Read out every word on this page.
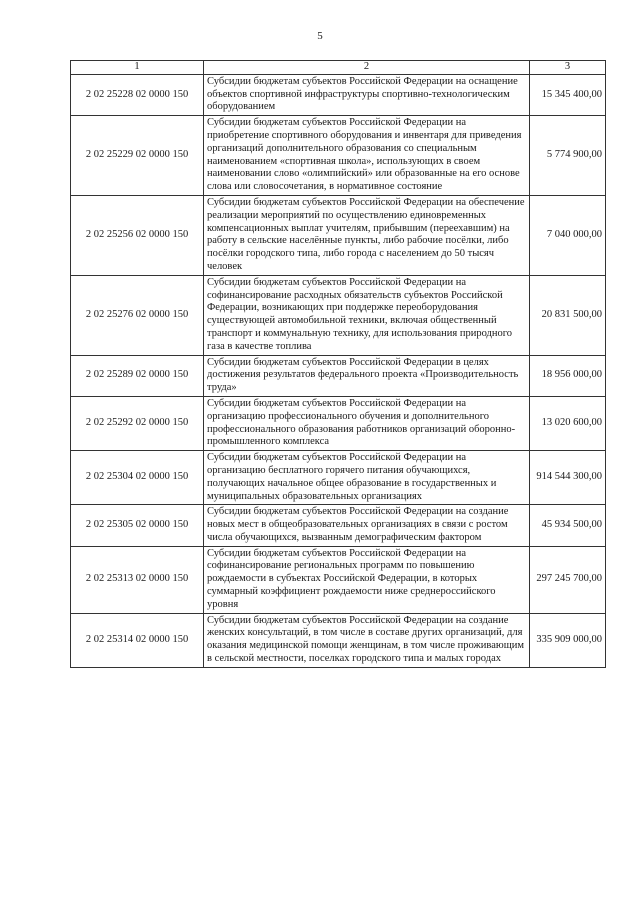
5
1	2	3
2 02 25228 02 0000 150	Субсидии бюджетам субъектов Российской Федерации на оснащение объектов спортивной инфраструктуры спортивно-технологическим оборудованием	15 345 400,00
2 02 25229 02 0000 150	Субсидии бюджетам субъектов Российской Федерации на приобретение спортивного оборудования и инвентаря для приведения организаций дополнительного образования со специальным наименованием «спортивная школа», использующих в своем наименовании слово «олимпийский» или образованные на его основе слова или словосочетания, в нормативное состояние	5 774 900,00
2 02 25256 02 0000 150	Субсидии бюджетам субъектов Российской Федерации на обеспечение реализации мероприятий по осуществлению единовременных компенсационных выплат учителям, прибывшим (переехавшим) на работу в сельские населённые пункты, либо рабочие посёлки, либо посёлки городского типа, либо города с населением до 50 тысяч человек	7 040 000,00
2 02 25276 02 0000 150	Субсидии бюджетам субъектов Российской Федерации на софинансирование расходных обязательств субъектов Российской Федерации, возникающих при поддержке переоборудования существующей автомобильной техники, включая общественный транспорт и коммунальную технику, для использования природного газа в качестве топлива	20 831 500,00
2 02 25289 02 0000 150	Субсидии бюджетам субъектов Российской Федерации в целях достижения результатов федерального проекта «Производительность труда»	18 956 000,00
2 02 25292 02 0000 150	Субсидии бюджетам субъектов Российской Федерации на организацию профессионального обучения и дополнительного профессионального образования работников организаций оборонно-промышленного комплекса	13 020 600,00
2 02 25304 02 0000 150	Субсидии бюджетам субъектов Российской Федерации на организацию бесплатного горячего питания обучающихся, получающих начальное общее образование в государственных и муниципальных образовательных организациях	914 544 300,00
2 02 25305 02 0000 150	Субсидии бюджетам субъектов Российской Федерации на создание новых мест в общеобразовательных организациях в связи с ростом числа обучающихся, вызванным демографическим фактором	45 934 500,00
2 02 25313 02 0000 150	Субсидии бюджетам субъектов Российской Федерации на софинансирование региональных программ по повышению рождаемости в субъектах Российской Федерации, в которых суммарный коэффициент рождаемости ниже среднероссийского уровня	297 245 700,00
2 02 25314 02 0000 150	Субсидии бюджетам субъектов Российской Федерации на создание женских консультаций, в том числе в составе других организаций, для оказания медицинской помощи женщинам, в том числе проживающим в сельской местности, поселках городского типа и малых городах	335 909 000,00
